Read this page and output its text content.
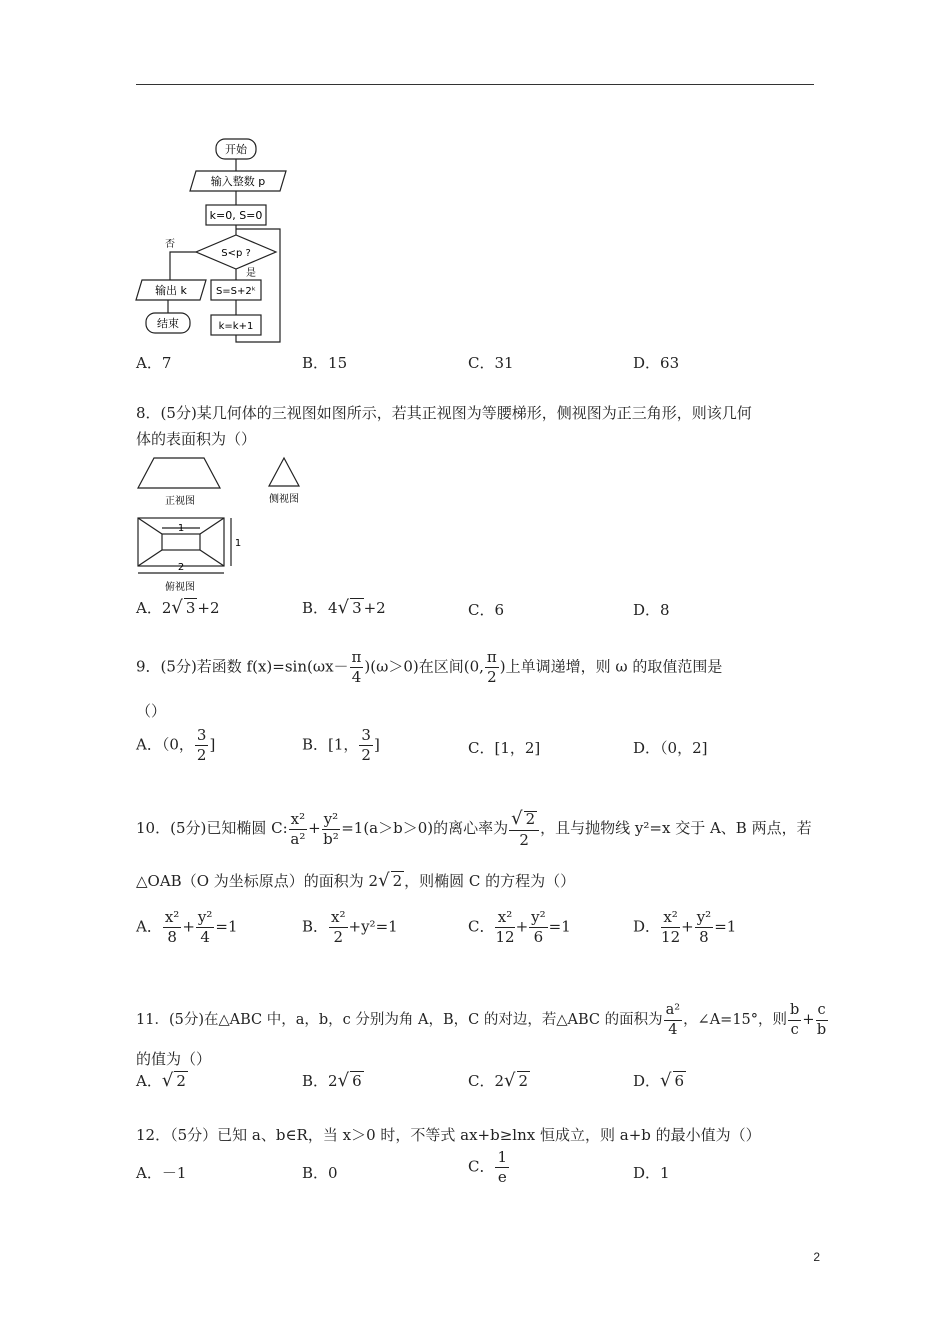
开始
输入整数 p
k=0, S=0
S<p ?
否
是
S=S+2ᵏ
k=k+1
输出 k
结束
A．7	B．15	C．31	D．63
8．(5分)某几何体的三视图如图所示，若其正视图为等腰梯形，侧视图为正三角形，则该几何
体的表面积为（）
正视图	侧视图
1
1
2
俯视图
A．2√ 3 +2	B．4√ 3 +2	C．6	D．8
9．(5分)若函数 $f(x)=\sin(\omega x- \frac{\pi}{4} )(\omega>0)$在区间(0, $\frac{\pi}{2}$ )上单调递增，则 ω 的取值范围是
（）
A．（0， $\frac{3}{2}$ ]	B．[1， $\frac{3}{2}$ ]	C．[1，2]	D．（0，2]
10．(5分)已知椭圆 C: $\frac{\text{x²}}{\text{a²}} + \frac{\text{y²}}{\text{b²}} =1(a>b>0)$的离心率为 $\frac{√ 2}{2}$ ，且与抛物线 y²=x 交于 A、B 两点，若
△OAB（O 为坐标原点）的面积为 2√ 2 ，则椭圆 C 的方程为（）
A． $\frac{\text{x²}}{8} + \frac{\text{y²}}{4} =1$	B． $\frac{\text{x²}}{2} +y^2=1$	C． $\frac{\text{x²}}{12} + \frac{\text{y²}}{6} =1$	D． $\frac{\text{x²}}{12} + \frac{\text{y²}}{8} =1$
11．(5分)在△ABC 中，a，b，c 分别为角 A，B，C 的对边，若△ABC 的面积为 $\frac{\text{a²}}{4}$ ，∠A=15°，则 $\frac{b}{c} + \frac{c}{b}$
的值为（）
A．√ 2	B．2√ 6	C．2√ 2	D．√ 6
12．（5分）已知 a、b∈R，当 x＞0 时，不等式 ax+b≥lnx 恒成立，则 a+b 的最小值为（）
A．－1	B．0	C． $\frac{1}{e}$	D．1
2
